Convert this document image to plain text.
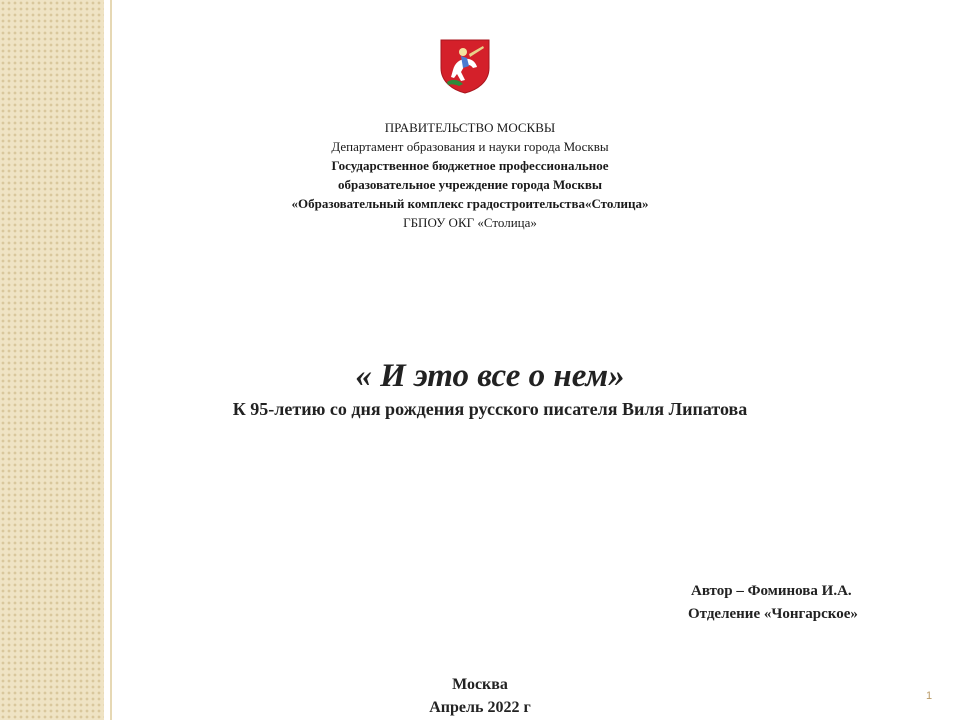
ПРАВИТЕЛЬСТВО МОСКВЫ
Департамент образования и науки города Москвы
Государственное бюджетное профессиональное
образовательное учреждение города Москвы
«Образовательный комплекс градостроительства«Столица»
ГБПОУ ОКГ «Столица»
« И это все о нем»
К 95-летию со дня рождения русского писателя Виля Липатова
Автор – Фоминова И.А.
Отделение «Чонгарское»
Москва
Апрель 2022 г
1
